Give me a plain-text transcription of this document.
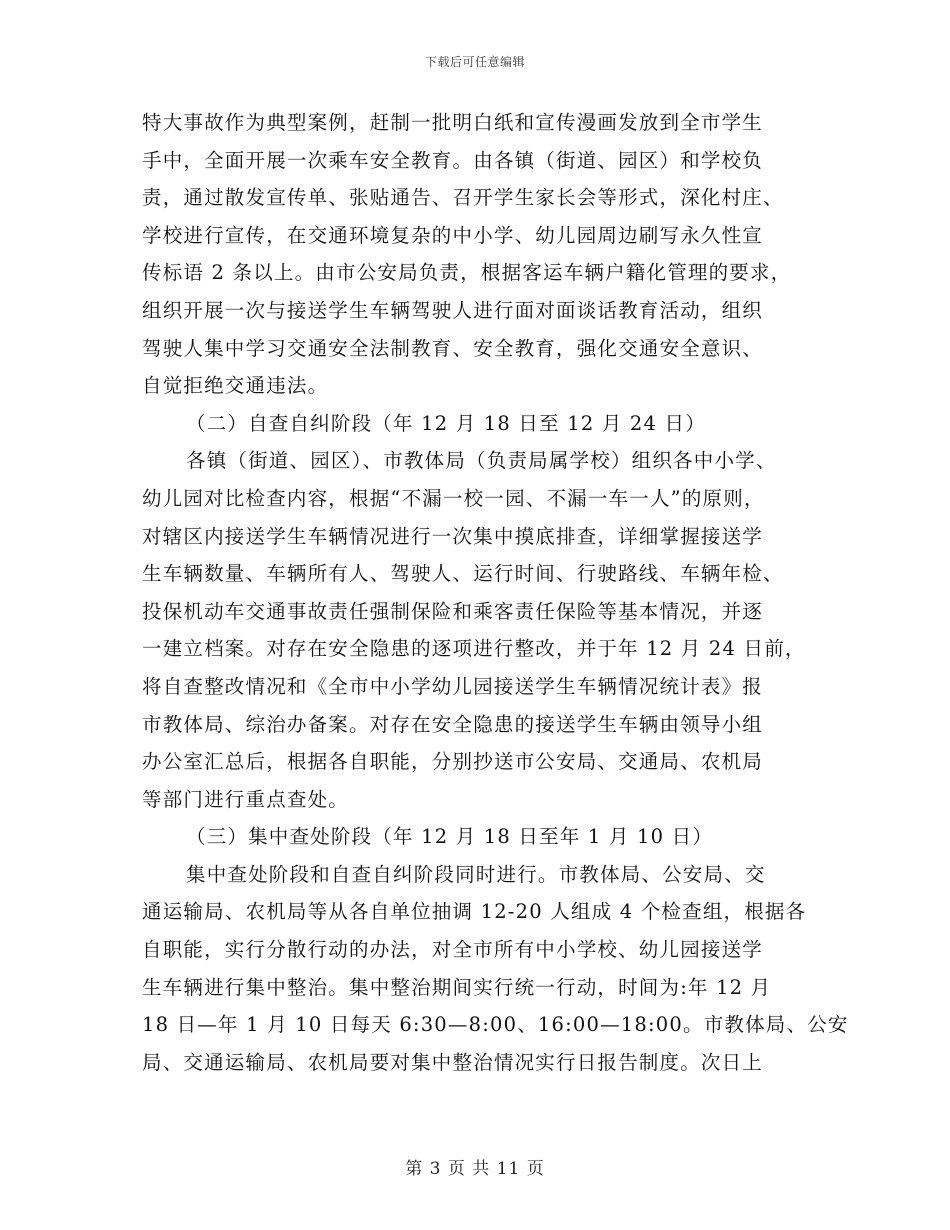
下载后可任意编辑
特大事故作为典型案例，赶制一批明白纸和宣传漫画发放到全市学生
手中，全面开展一次乘车安全教育。由各镇（街道、园区）和学校负
责，通过散发宣传单、张贴通告、召开学生家长会等形式，深化村庄、
学校进行宣传，在交通环境复杂的中小学、幼儿园周边刷写永久性宣
传标语 2 条以上。由市公安局负责，根据客运车辆户籍化管理的要求，
组织开展一次与接送学生车辆驾驶人进行面对面谈话教育活动，组织
驾驶人集中学习交通安全法制教育、安全教育，强化交通安全意识、
自觉拒绝交通违法。
（二）自查自纠阶段（年 12 月 18 日至 12 月 24 日）
各镇（街道、园区）、市教体局（负责局属学校）组织各中小学、
幼儿园对比检查内容，根据“不漏一校一园、不漏一车一人”的原则，
对辖区内接送学生车辆情况进行一次集中摸底排查，详细掌握接送学
生车辆数量、车辆所有人、驾驶人、运行时间、行驶路线、车辆年检、
投保机动车交通事故责任强制保险和乘客责任保险等基本情况，并逐
一建立档案。对存在安全隐患的逐项进行整改，并于年 12 月 24 日前，
将自查整改情况和《全市中小学幼儿园接送学生车辆情况统计表》报
市教体局、综治办备案。对存在安全隐患的接送学生车辆由领导小组
办公室汇总后，根据各自职能，分别抄送市公安局、交通局、农机局
等部门进行重点查处。
（三）集中查处阶段（年 12 月 18 日至年 1 月 10 日）
集中查处阶段和自查自纠阶段同时进行。市教体局、公安局、交
通运输局、农机局等从各自单位抽调 12-20 人组成 4 个检查组，根据各
自职能，实行分散行动的办法，对全市所有中小学校、幼儿园接送学
生车辆进行集中整治。集中整治期间实行统一行动，时间为:年 12 月
18 日—年 1 月 10 日每天 6:30—8:00、16:00—18:00。市教体局、公安
局、交通运输局、农机局要对集中整治情况实行日报告制度。次日上
第 3 页 共 11 页
